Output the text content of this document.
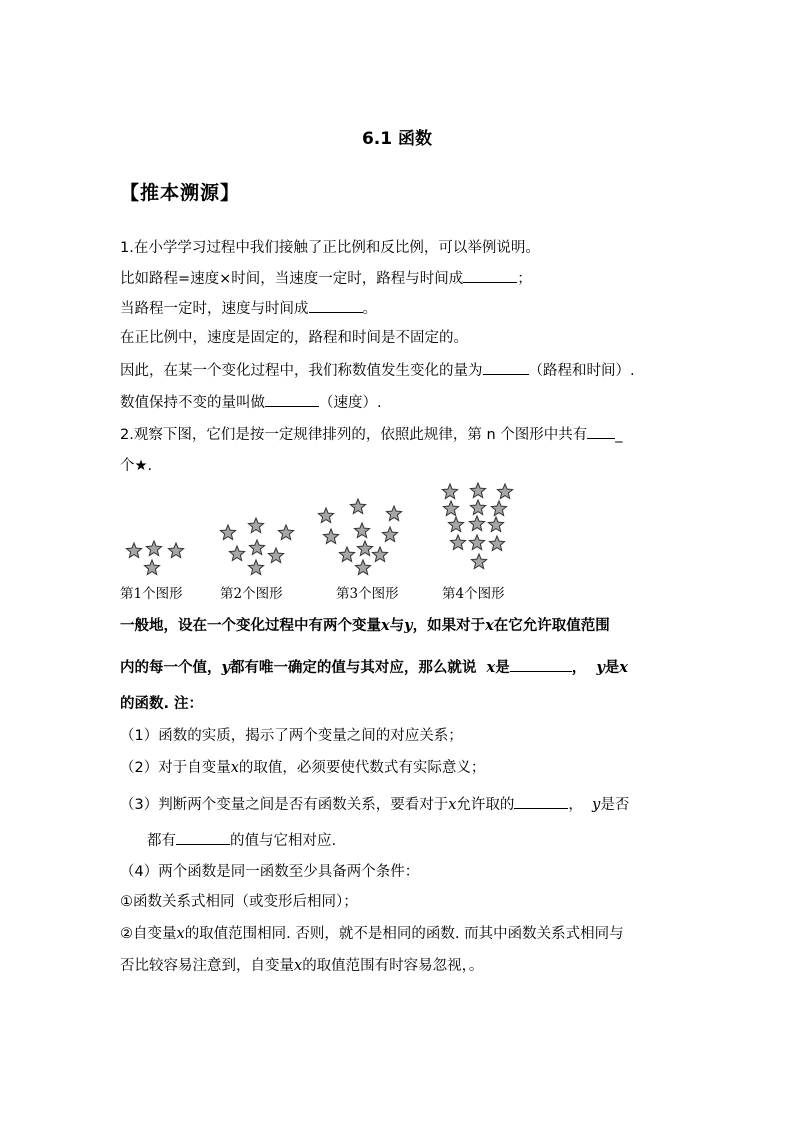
6.1 函数
【推本溯源】
1.在小学学习过程中我们接触了正比例和反比例，可以举例说明。
比如路程=速度×时间，当速度一定时，路程与时间成	；
当路程一定时，速度与时间成	。
在正比例中，速度是固定的，路程和时间是不固定的。
因此，在某一个变化过程中，我们称数值发生变化的量为	（路程和时间）.
数值保持不变的量叫做	（速度）.
2.观察下图，它们是按一定规律排列的，依照此规律，第 n 个图形中共有 _
个★.
第1个图形	第2个图形	第3个图形	第4个图形
一般地，设在一个变化过程中有两个变量x与y，如果对于x在它允许取值范围
内的每一个值，y都有唯一确定的值与其对应，那么就说 x是	， y是x
的函数. 注：
（1）函数的实质，揭示了两个变量之间的对应关系；
（2）对于自变量x的取值，必须要使代数式有实际意义；
（3）判断两个变量之间是否有函数关系，要看对于x允许取的	， y是否
都有	的值与它相对应.
（4）两个函数是同一函数至少具备两个条件：
①函数关系式相同（或变形后相同）；
②自变量x的取值范围相同. 否则，就不是相同的函数. 而其中函数关系式相同与
否比较容易注意到，自变量x的取值范围有时容易忽视，。
